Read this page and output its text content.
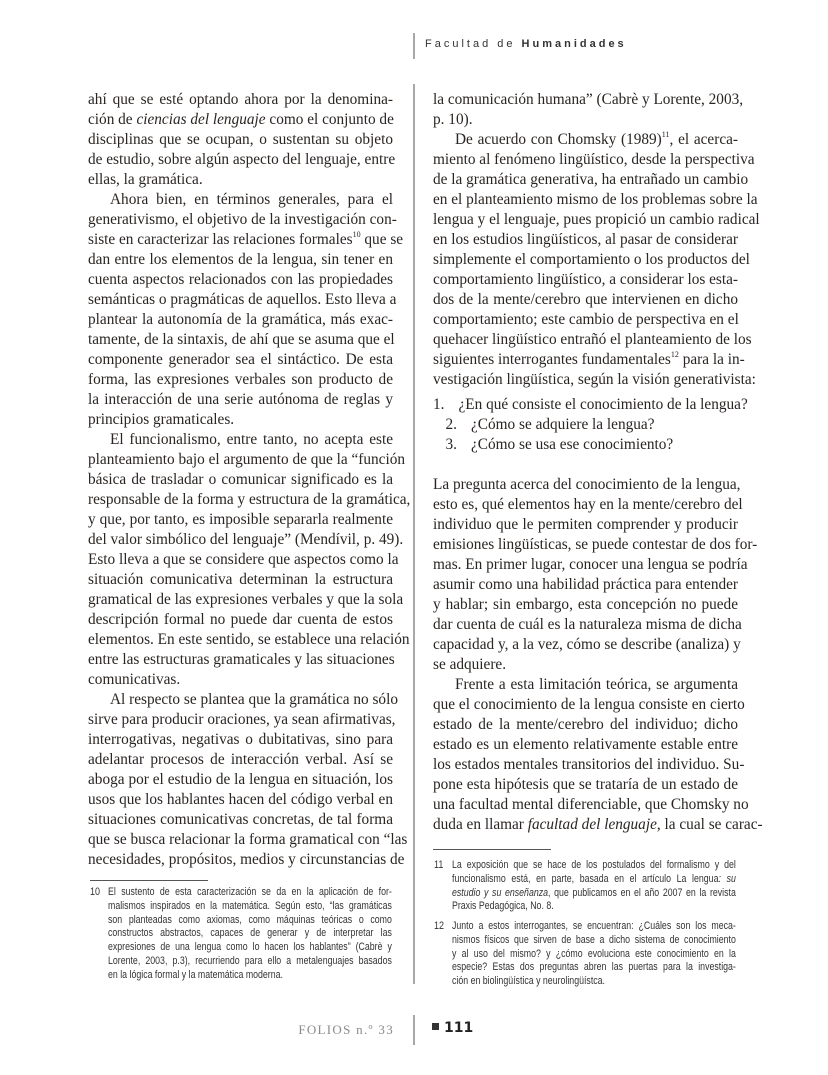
Facultad de Humanidades
ahí que se esté optando ahora por la denomina-
ción de ciencias del lenguaje como el conjunto de
disciplinas que se ocupan, o sustentan su objeto
de estudio, sobre algún aspecto del lenguaje, entre
ellas, la gramática.
Ahora bien, en términos generales, para el
generativismo, el objetivo de la investigación con-
siste en caracterizar las relaciones formales$^{10}$ que se
dan entre los elementos de la lengua, sin tener en
cuenta aspectos relacionados con las propiedades
semánticas o pragmáticas de aquellos. Esto lleva a
plantear la autonomía de la gramática, más exac-
tamente, de la sintaxis, de ahí que se asuma que el
componente generador sea el sintáctico. De esta
forma, las expresiones verbales son producto de
la interacción de una serie autónoma de reglas y
principios gramaticales.
El funcionalismo, entre tanto, no acepta este
planteamiento bajo el argumento de que la “función
básica de trasladar o comunicar significado es la
responsable de la forma y estructura de la gramática,
y que, por tanto, es imposible separarla realmente
del valor simbólico del lenguaje” (Mendívil, p. 49).
Esto lleva a que se considere que aspectos como la
situación comunicativa determinan la estructura
gramatical de las expresiones verbales y que la sola
descripción formal no puede dar cuenta de estos
elementos. En este sentido, se establece una relación
entre las estructuras gramaticales y las situaciones
comunicativas.
Al respecto se plantea que la gramática no sólo
sirve para producir oraciones, ya sean afirmativas,
interrogativas, negativas o dubitativas, sino para
adelantar procesos de interacción verbal. Así se
aboga por el estudio de la lengua en situación, los
usos que los hablantes hacen del código verbal en
situaciones comunicativas concretas, de tal forma
que se busca relacionar la forma gramatical con “las
necesidades, propósitos, medios y circunstancias de
la comunicación humana” (Cabrè y Lorente, 2003,
p. 10).
De acuerdo con Chomsky $(1989)^{11}$, el acerca-
miento al fenómeno lingüístico, desde la perspectiva
de la gramática generativa, ha entrañado un cambio
en el planteamiento mismo de los problemas sobre la
lengua y el lenguaje, pues propició un cambio radical
en los estudios lingüísticos, al pasar de considerar
simplemente el comportamiento o los productos del
comportamiento lingüístico, a considerar los esta-
dos de la mente/cerebro que intervienen en dicho
comportamiento; este cambio de perspectiva en el
quehacer lingüístico entrañó el planteamiento de los
siguientes interrogantes fundamentales$^{12}$ para la in-
vestigación lingüística, según la visión generativista:
1. ¿En qué consiste el conocimiento de la lengua?
2. ¿Cómo se adquiere la lengua?
3. ¿Cómo se usa ese conocimiento?
La pregunta acerca del conocimiento de la lengua,
esto es, qué elementos hay en la mente/cerebro del
individuo que le permiten comprender y producir
emisiones lingüísticas, se puede contestar de dos for-
mas. En primer lugar, conocer una lengua se podría
asumir como una habilidad práctica para entender
y hablar; sin embargo, esta concepción no puede
dar cuenta de cuál es la naturaleza misma de dicha
capacidad y, a la vez, cómo se describe (analiza) y
se adquiere.
Frente a esta limitación teórica, se argumenta
que el conocimiento de la lengua consiste en cierto
estado de la mente/cerebro del individuo; dicho
estado es un elemento relativamente estable entre
los estados mentales transitorios del individuo. Su-
pone esta hipótesis que se trataría de un estado de
una facultad mental diferenciable, que Chomsky no
duda en llamar facultad del lenguaje, la cual se carac-
10 El sustento de esta caracterización se da en la aplicación de for-
malismos inspirados en la matemática. Según esto, “las gramáticas
son planteadas como axiomas, como máquinas teóricas o como
constructos abstractos, capaces de generar y de interpretar las
expresiones de una lengua como lo hacen los hablantes” (Cabrè y
Lorente, 2003, p.3), recurriendo para ello a metalenguajes basados
en la lógica formal y la matemática moderna.
11 La exposición que se hace de los postulados del formalismo y del
funcionalismo está, en parte, basada en el artículo La lengua: su
estudio y su enseñanza, que publicamos en el año 2007 en la revista
Praxis Pedagógica, No. 8.
12 Junto a estos interrogantes, se encuentran: ¿Cuáles son los meca-
nismos físicos que sirven de base a dicho sistema de conocimiento
y al uso del mismo? y ¿cómo evoluciona este conocimiento en la
especie? Estas dos preguntas abren las puertas para la investiga-
ción en biolingüística y neurolingüístca.
FOLIOS n.º 33	111
